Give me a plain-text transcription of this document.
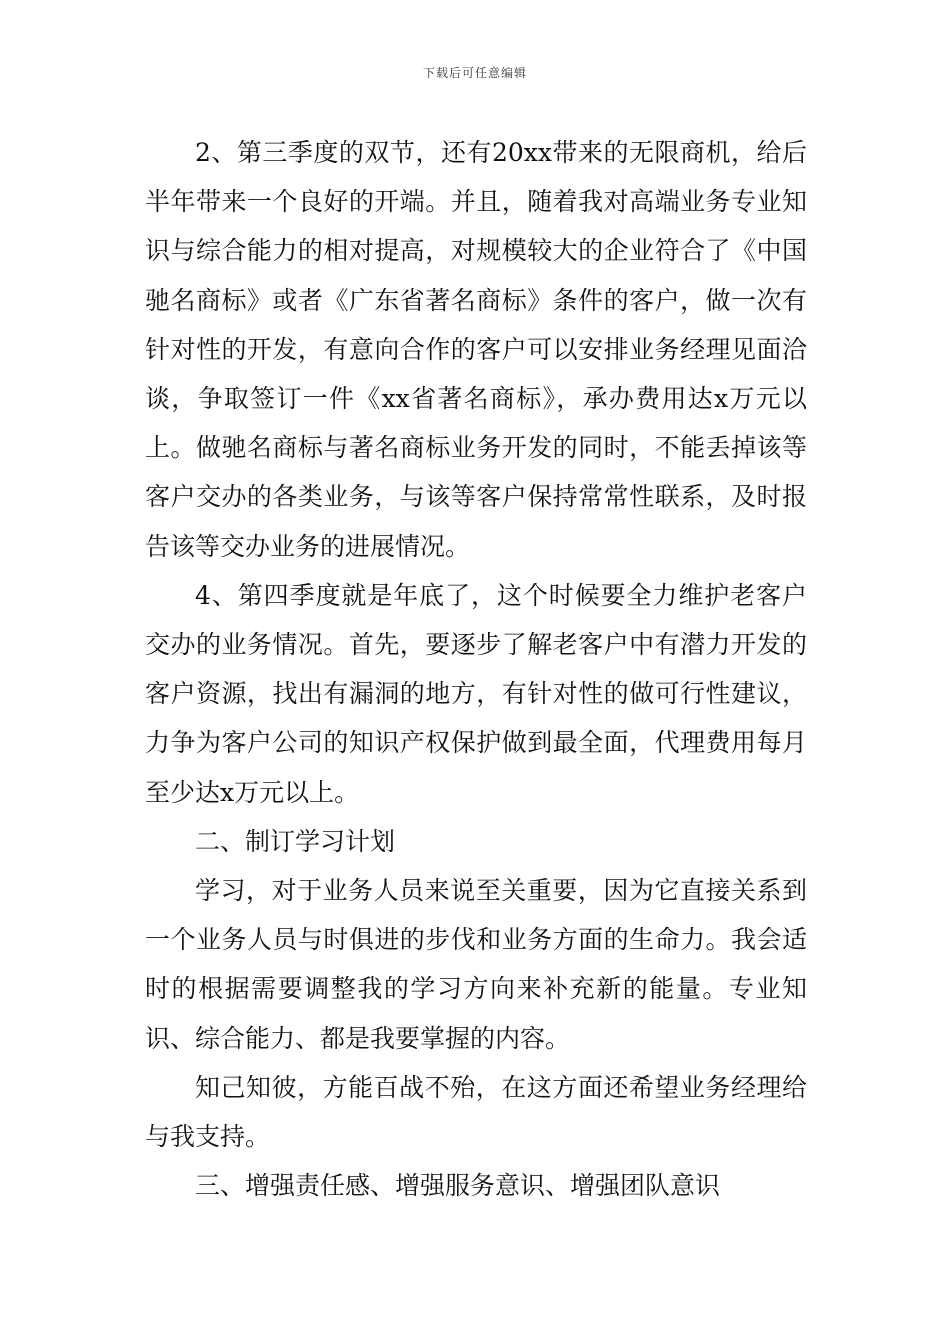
下载后可任意编辑

2、第三季度的双节，还有20xx带来的无限商机，给后半年带来一个良好的开端。并且，随着我对高端业务专业知识与综合能力的相对提高，对规模较大的企业符合了《中国驰名商标》或者《广东省著名商标》条件的客户，做一次有针对性的开发，有意向合作的客户可以安排业务经理见面洽谈，争取签订一件《xx省著名商标》，承办费用达x万元以上。做驰名商标与著名商标业务开发的同时，不能丢掉该等客户交办的各类业务，与该等客户保持常常性联系，及时报告该等交办业务的进展情况。

4、第四季度就是年底了，这个时候要全力维护老客户交办的业务情况。首先，要逐步了解老客户中有潜力开发的客户资源，找出有漏洞的地方，有针对性的做可行性建议，力争为客户公司的知识产权保护做到最全面，代理费用每月至少达x万元以上。

二、制订学习计划

学习，对于业务人员来说至关重要，因为它直接关系到一个业务人员与时俱进的步伐和业务方面的生命力。我会适时的根据需要调整我的学习方向来补充新的能量。专业知识、综合能力、都是我要掌握的内容。

知己知彼，方能百战不殆，在这方面还希望业务经理给与我支持。

三、增强责任感、增强服务意识、增强团队意识
